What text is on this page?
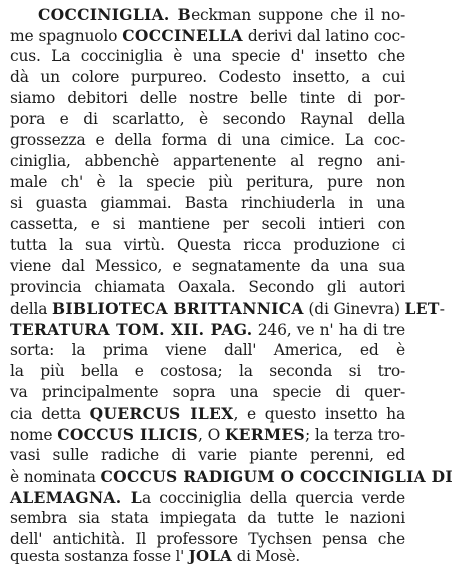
COCCINIGLIA. Beckman suppone che il no-
me spagnuolo COCCINELLA derivi dal latino coc-
cus. La cocciniglia è una specie d' insetto che
dà un colore purpureo. Codesto insetto, a cui
siamo debitori delle nostre belle tinte di por-
pora e di scarlatto, è secondo Raynal della
grossezza e della forma di una cimice. La coc-
ciniglia, abbenchè appartenente al regno ani-
male ch' è la specie più peritura, pure non
si guasta giammai. Basta rinchiuderla in una
cassetta, e si mantiene per secoli intieri con
tutta la sua virtù. Questa ricca produzione ci
viene dal Messico, e segnatamente da una sua
provincia chiamata Oaxala. Secondo gli autori
della BIBLIOTECA BRITTANNICA (di Ginevra) LET-
TERATURA TOM. XII. PAG. 246, ve n' ha di tre
sorta: la prima viene dall' America, ed è
la più bella e costosa; la seconda si tro-
va principalmente sopra una specie di quer-
cia detta QUERCUS ILEX, e questo insetto ha
nome COCCUS ILICIS, O KERMES; la terza tro-
vasi sulle radiche di varie piante perenni, ed
è nominata COCCUS RADIGUM O COCCINIGLIA DI
ALEMAGNA. La cocciniglia della quercia verde
sembra sia stata impiegata da tutte le nazioni
dell' antichità. Il professore Tychsen pensa che
questa sostanza fosse l' JOLA di Mosè.
